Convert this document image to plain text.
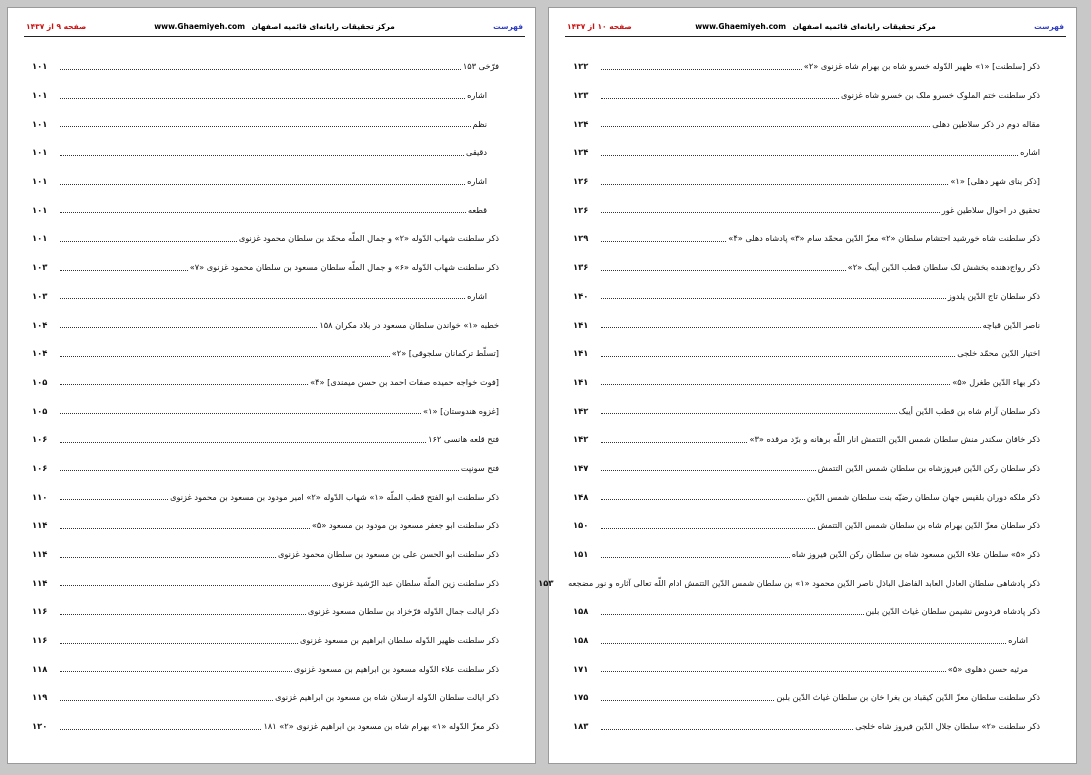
فهرست
www.Ghaemiyeh.com مرکز تحقیقات رایانه‌ای قائمیه اصفهان
صفحه ۹ از ۱۴۳۷
فرّخی ۱۵۳
۱۰۱
اشاره
۱۰۱
نظم
۱۰۱
دقیقی
۱۰۱
اشاره
۱۰۱
قطعه
۱۰۱
ذکر سلطنت شهاب الدّوله «۲» و جمال الملّه محمّد بن سلطان محمود غزنوی
۱۰۱
ذکر سلطنت شهاب الدّوله «۶» و جمال الملّه سلطان مسعود بن سلطان محمود غزنوی «۷»
۱۰۳
اشاره
۱۰۳
خطبه «۱» خواندن سلطان مسعود در بلاد مکران ۱۵۸
۱۰۴
[تسلّط ترکمانان سلجوقی] «۲»
۱۰۴
[فوت خواجه حمیده صفات احمد بن حسن میمندی] «۴»
۱۰۵
[غزوه هندوستان] «۱»
۱۰۵
فتح قلعه هانسی ۱۶۲
۱۰۶
فتح سونپت
۱۰۶
ذکر سلطنت ابو الفتح قطب الملّه «۱» شهاب الدّوله «۲» امیر مودود بن مسعود بن محمود غزنوی
۱۱۰
ذکر سلطنت ابو جعفر مسعود بن مودود بن مسعود «۵»
۱۱۴
ذکر سلطنت ابو الحسن علی بن مسعود بن سلطان محمود غزنوی
۱۱۴
ذکر سلطنت زین الملّة سلطان عبد الرّشید غزنوی
۱۱۴
ذکر ایالت جمال الدّوله فرّخزاد بن سلطان مسعود غزنوی
۱۱۶
ذکر سلطنت ظهیر الدّوله سلطان ابراهیم بن مسعود غزنوی
۱۱۶
ذکر سلطنت علاء الدّوله مسعود بن ابراهیم بن مسعود غزنوی
۱۱۸
ذکر ایالت سلطان الدّوله ارسلان شاه بن مسعود بن ابراهیم غزنوی
۱۱۹
ذکر معزّ الدّوله «۱» بهرام شاه بن مسعود بن ابراهیم غزنوی «۲» ۱۸۱
۱۲۰
فهرست
www.Ghaemiyeh.com مرکز تحقیقات رایانه‌ای قائمیه اصفهان
صفحه ۱۰ از ۱۴۳۷
ذکر [سلطنت] «۱» ظهیر الدّوله خسرو شاه بن بهرام شاه غزنوی «۲»
۱۲۲
ذکر سلطنت ختم الملوک خسرو ملک بن خسرو شاه غزنوی
۱۲۳
مقاله دوم در ذکر سلاطین دهلی
۱۲۴
اشاره
۱۲۴
[ذکر بنای شهر دهلی] «۱»
۱۲۶
تحقیق در احوال سلاطین غور
۱۲۶
ذکر سلطنت شاه خورشید احتشام سلطان «۲» معزّ الدّین محمّد سام «۳» پادشاه دهلی «۴»
۱۲۹
ذکر رواج‌دهنده بخشش لک سلطان قطب الدّین أیبک «۲»
۱۳۶
ذکر سلطان تاج الدّین یلدوز
۱۴۰
ناصر الدّین قباچه
۱۴۱
اختیار الدّین محمّد خلجی
۱۴۱
ذکر بهاء الدّین طغرل «۵»
۱۴۱
ذکر سلطان آرام شاه بن قطب الدّین أیبک
۱۴۲
ذکر خاقان سکندر منش سلطان شمس الدّین التتمش انار اللّه برهانه و برّد مرقده «۳»
۱۴۲
ذکر سلطان رکن الدّین فیروزشاه بن سلطان شمس الدّین التتمش
۱۴۷
ذکر ملکه دوران بلقیس جهان سلطان رضیّه بنت سلطان شمس الدّین
۱۴۸
ذکر سلطان معزّ الدّین بهرام شاه بن سلطان شمس الدّین التتمش
۱۵۰
ذکر «۵» سلطان علاء الدّین مسعود شاه بن سلطان رکن الدّین فیروز شاه
۱۵۱
ذکر پادشاهی سلطان العادل العابد الفاضل الباذل ناصر الدّین محمود «۱» بن سلطان شمس الدّین التتمش ادام اللّه تعالی آثاره و نور مضجعه
۱۵۳
ذکر پادشاه فردوس نشیمن سلطان غیاث الدّین بلبن
۱۵۸
اشاره
۱۵۸
مرثیه حسن دهلوی «۵»
۱۷۱
ذکر سلطنت سلطان معزّ الدّین کیقباد بن بغرا خان بن سلطان غیاث الدّین بلبن
۱۷۵
ذکر سلطنت «۲» سلطان جلال الدّین فیروز شاه خلجی
۱۸۳
